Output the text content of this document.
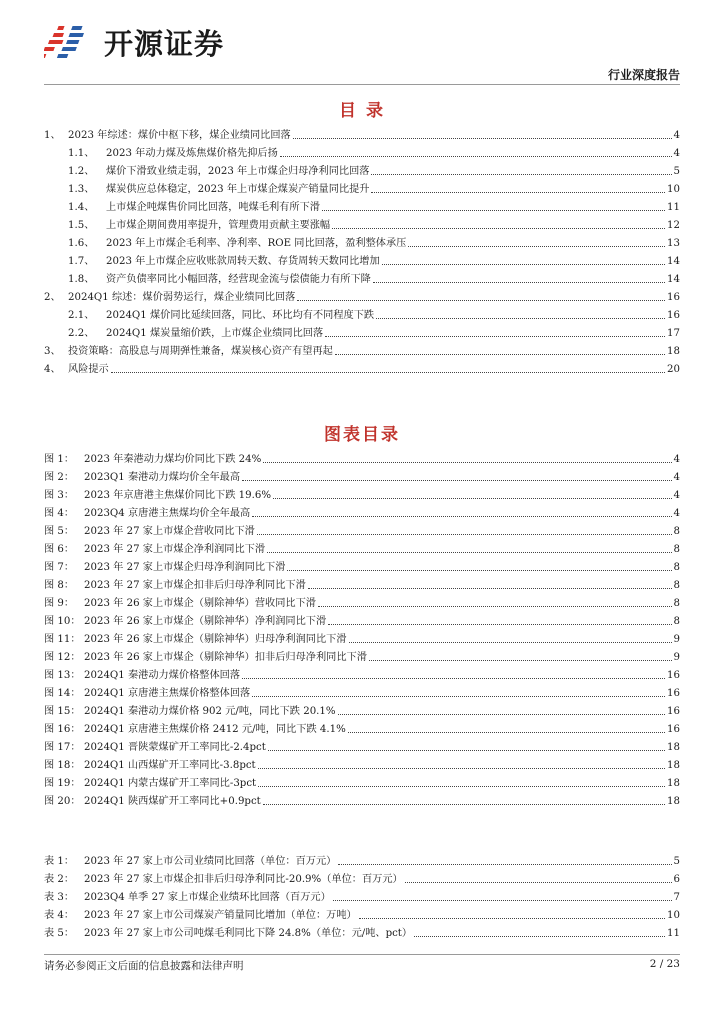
开源证券
行业深度报告
目 录
1、 2023 年综述：煤价中枢下移，煤企业绩同比回落	4
1.1、	2023 年动力煤及炼焦煤价格先抑后扬	4
1.2、	煤价下滑致业绩走弱，2023 年上市煤企归母净利同比回落	5
1.3、	煤炭供应总体稳定，2023 年上市煤企煤炭产销量同比提升	10
1.4、	上市煤企吨煤售价同比回落，吨煤毛利有所下滑	11
1.5、	上市煤企期间费用率提升，管理费用贡献主要涨幅	12
1.6、	2023 年上市煤企毛利率、净利率、ROE 同比回落，盈利整体承压	13
1.7、	2023 年上市煤企应收账款周转天数、存货周转天数同比增加	14
1.8、	资产负债率同比小幅回落，经营现金流与偿债能力有所下降	14
2、 2024Q1 综述：煤价弱势运行，煤企业绩同比回落	16
2.1、	2024Q1 煤价同比延续回落，同比、环比均有不同程度下跌	16
2.2、	2024Q1 煤炭量缩价跌，上市煤企业绩同比回落	17
3、 投资策略：高股息与周期弹性兼备，煤炭核心资产有望再起	18
4、 风险提示	20
图表目录
图 1： 2023 年秦港动力煤均价同比下跌 24%	4
图 2： 2023Q1 秦港动力煤均价全年最高	4
图 3： 2023 年京唐港主焦煤价同比下跌 19.6%	4
图 4： 2023Q4 京唐港主焦煤均价全年最高	4
图 5： 2023 年 27 家上市煤企营收同比下滑	8
图 6： 2023 年 27 家上市煤企净利润同比下滑	8
图 7： 2023 年 27 家上市煤企归母净利润同比下滑	8
图 8： 2023 年 27 家上市煤企扣非后归母净利同比下滑	8
图 9： 2023 年 26 家上市煤企（剔除神华）营收同比下滑	8
图 10： 2023 年 26 家上市煤企（剔除神华）净利润同比下滑	8
图 11： 2023 年 26 家上市煤企（剔除神华）归母净利润同比下滑	9
图 12： 2023 年 26 家上市煤企（剔除神华）扣非后归母净利同比下滑	9
图 13： 2024Q1 秦港动力煤价格整体回落	16
图 14： 2024Q1 京唐港主焦煤价格整体回落	16
图 15： 2024Q1 秦港动力煤价格 902 元/吨，同比下跌 20.1%	16
图 16： 2024Q1 京唐港主焦煤价格 2412 元/吨，同比下跌 4.1%	16
图 17： 2024Q1 晋陕蒙煤矿开工率同比-2.4pct	18
图 18： 2024Q1 山西煤矿开工率同比-3.8pct	18
图 19： 2024Q1 内蒙古煤矿开工率同比-3pct	18
图 20： 2024Q1 陕西煤矿开工率同比+0.9pct	18
表 1： 2023 年 27 家上市公司业绩同比回落（单位：百万元）	5
表 2： 2023 年 27 家上市煤企扣非后归母净利同比-20.9%（单位：百万元）	6
表 3： 2023Q4 单季 27 家上市煤企业绩环比回落（百万元）	7
表 4： 2023 年 27 家上市公司煤炭产销量同比增加（单位：万吨）	10
表 5： 2023 年 27 家上市公司吨煤毛利同比下降 24.8%（单位：元/吨、pct）	11
请务必参阅正文后面的信息披露和法律声明	2 / 23
